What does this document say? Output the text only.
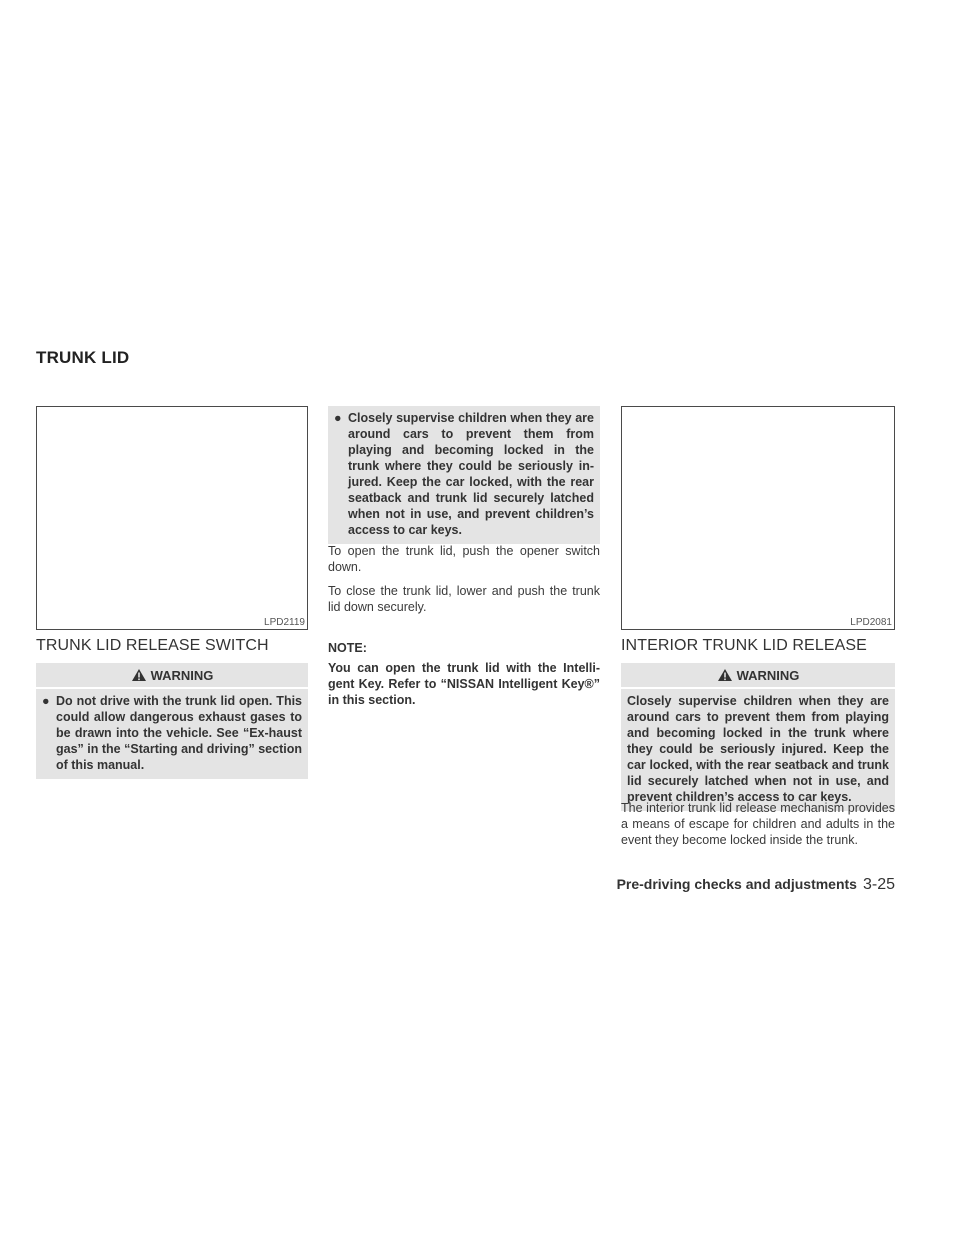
TRUNK LID
LPD2119
TRUNK LID RELEASE SWITCH
WARNING
● Do not drive with the trunk lid open. This could allow dangerous exhaust gases to be drawn into the vehicle. See “Ex-haust gas” in the “Starting and driving” section of this manual.
● Closely supervise children when they are around cars to prevent them from playing and becoming locked in the trunk where they could be seriously in-jured. Keep the car locked, with the rear seatback and trunk lid securely latched when not in use, and prevent children’s access to car keys.
To open the trunk lid, push the opener switch down.
To close the trunk lid, lower and push the trunk lid down securely.
NOTE:
You can open the trunk lid with the Intelli-gent Key. Refer to “NISSAN Intelligent Key®” in this section.
LPD2081
INTERIOR TRUNK LID RELEASE
WARNING
Closely supervise children when they are around cars to prevent them from playing and becoming locked in the trunk where they could be seriously injured. Keep the car locked, with the rear seatback and trunk lid securely latched when not in use, and prevent children’s access to car keys.
The interior trunk lid release mechanism provides a means of escape for children and adults in the event they become locked inside the trunk.
Pre-driving checks and adjustments 3-25
